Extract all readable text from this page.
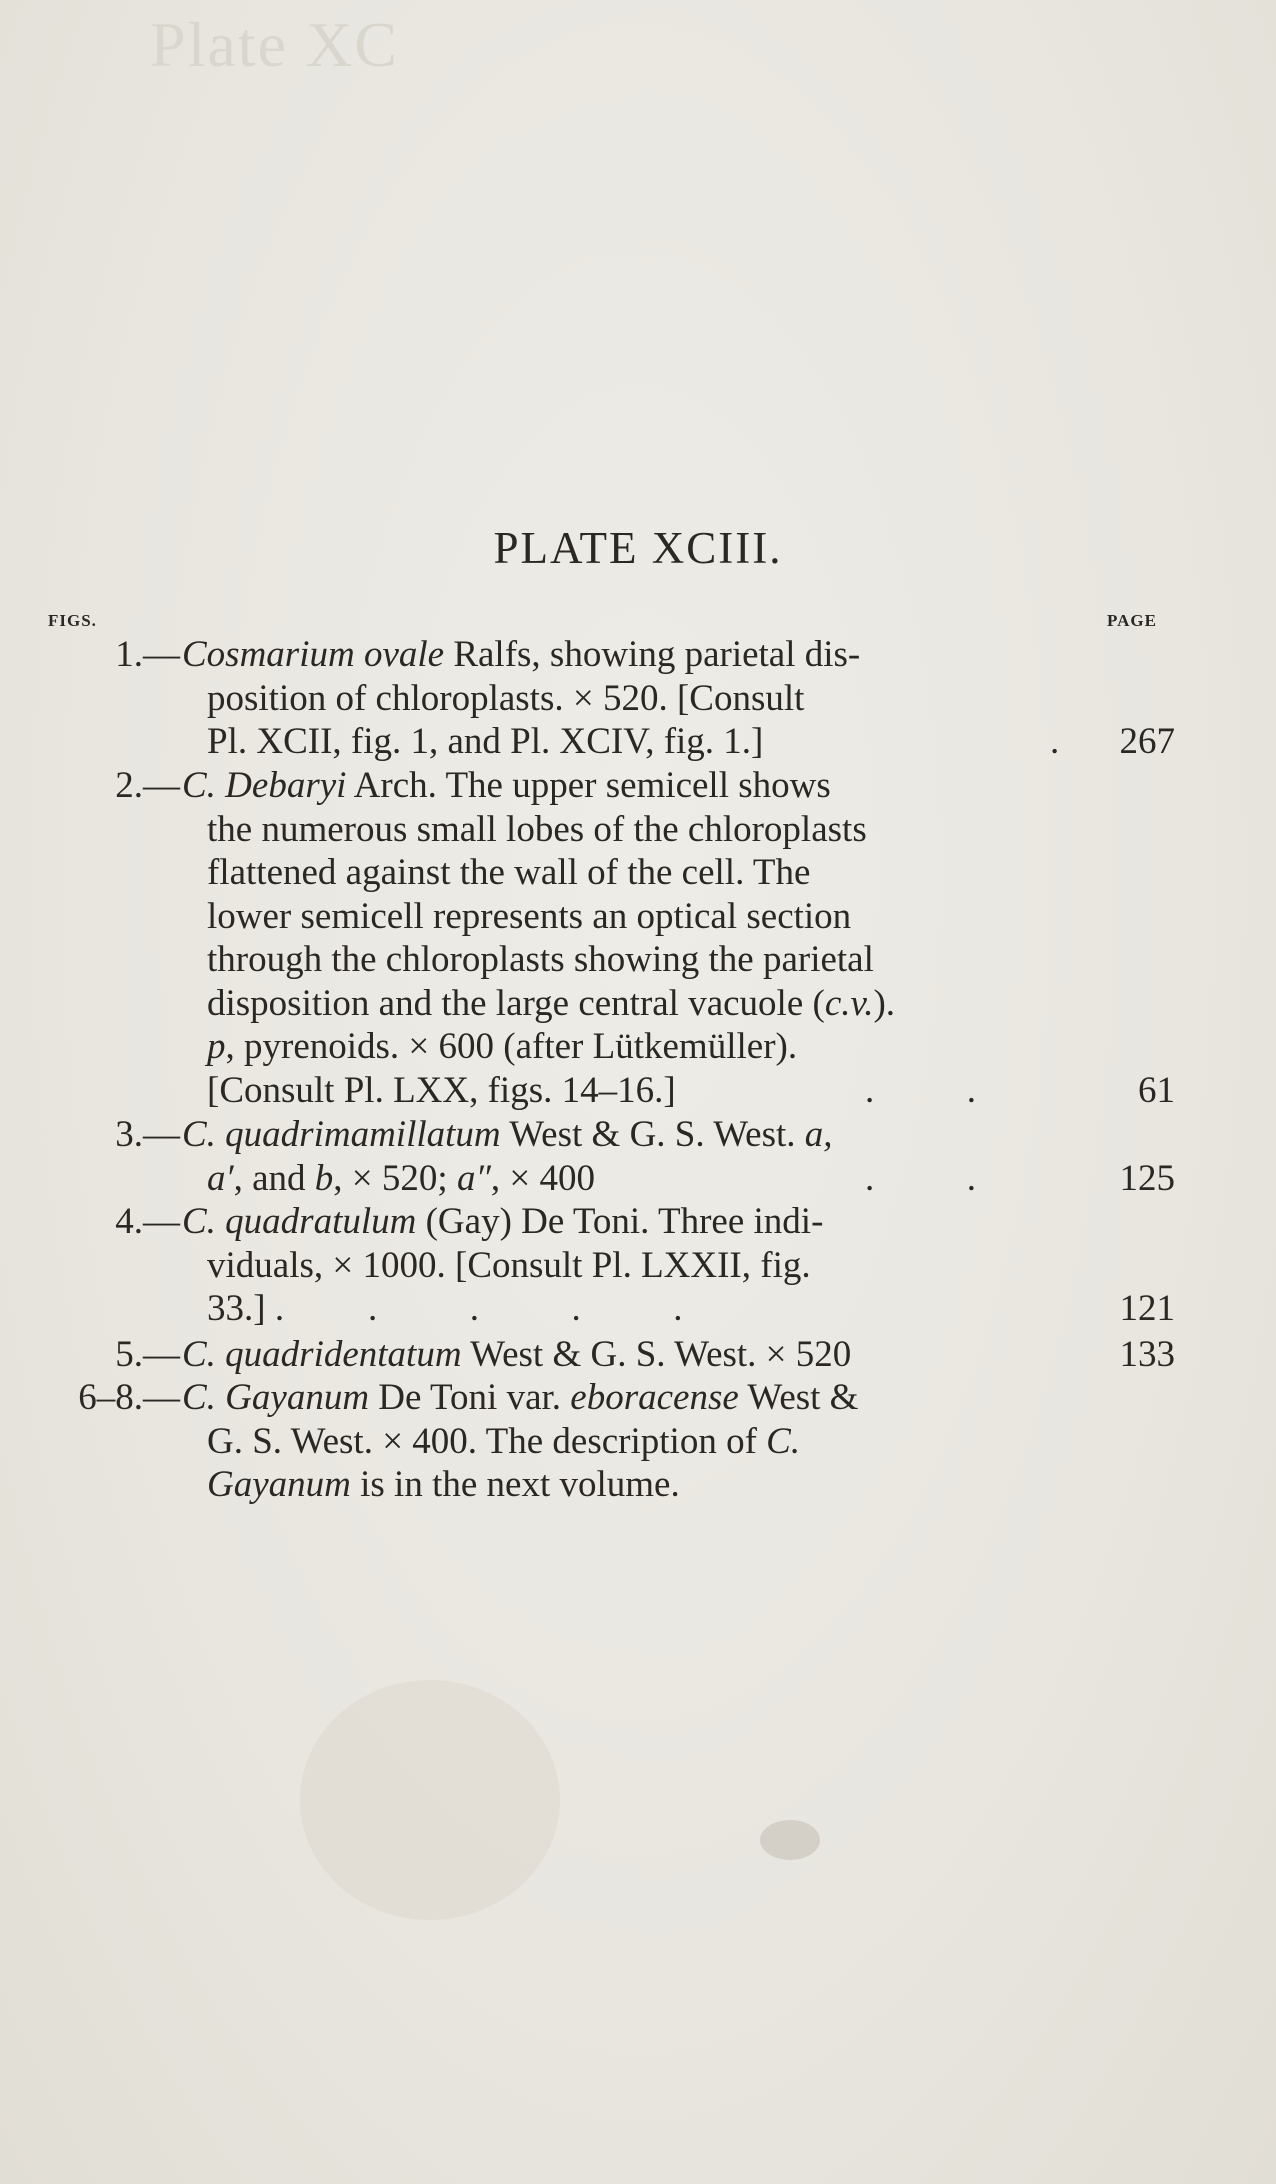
Plate XC
PLATE XCIII.
FIGS.	PAGE
1.— Cosmarium ovale Ralfs, showing parietal dis-
position of chloroplasts. × 520. [Consult
Pl. XCII, fig. 1, and Pl. XCIV, fig. 1.]	.	267
2.— C. Debaryi Arch. The upper semicell shows
the numerous small lobes of the chloroplasts
flattened against the wall of the cell. The
lower semicell represents an optical section
through the chloroplasts showing the parietal
disposition and the large central vacuole (c.v.).
p, pyrenoids. × 600 (after Lütkemüller).
[Consult Pl. LXX, figs. 14–16.]	.          .	61
3.— C. quadrimamillatum West & G. S. West. a,
a′, and b, × 520; a″, × 400	.          .	125
4.— C. quadratulum (Gay) De Toni. Three indi-
viduals, × 1000. [Consult Pl. LXXII, fig.
33.] . .          .          .          .	121
5.— C. quadridentatum West & G. S. West. × 520	133
6–8.— C. Gayanum De Toni var. eboracense West &
G. S. West. × 400. The description of C.
Gayanum is in the next volume.
